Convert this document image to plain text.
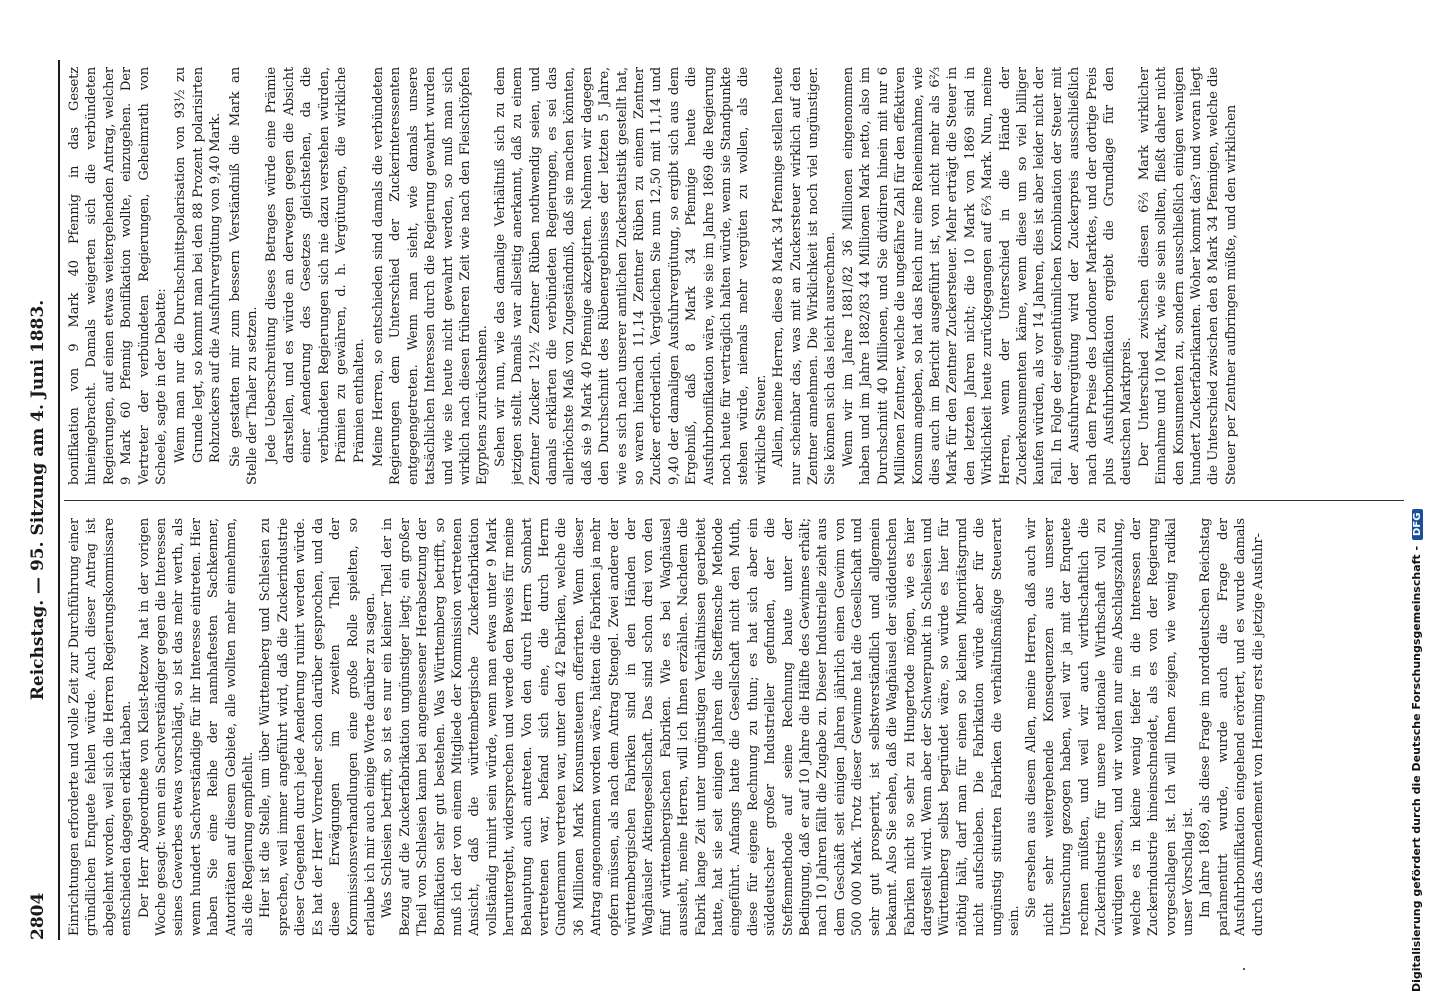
2804
Reichstag. — 95. Sitzung am 4. Juni 1883.

Einrichtungen erforderte und volle Zeit zur Durchführung einer gründlichen Enquete fehlen würde. Auch dieser Antrag ist abgelehnt worden, weil sich die Herren Regierungskommissare entschieden dagegen erklärt haben. Der Herr Abgeordnete von Kleist-Retzow hat in der vorigen Woche gesagt: wenn ein Sachverständiger gegen die Interessen seines Gewerbes etwas vorschlägt, so ist das mehr werth, als wenn hundert Sachverständige für ihr Interesse eintreten. Hier haben Sie eine Reihe der namhaftesten Sachkenner, Autoritäten auf diesem Gebiete, alle wollten mehr einnehmen, als die Regierung empfiehlt. Hier ist die Stelle, um über Württemberg und Schlesien zu sprechen, weil immer angeführt wird, daß die Zuckerindustrie dieser Gegenden durch jede Aenderung ruinirt werden würde. Es hat der Herr Vorredner schon darüber gesprochen, und da diese Erwägungen im zweiten Theil der Kommissionsverhandlungen eine große Rolle spielten, so erlaube ich mir auch einige Worte darüber zu sagen. Was Schlesien betrifft, so ist es nur ein kleiner Theil der in Bezug auf die Zuckerfabrikation ungünstiger liegt; ein großer Theil von Schlesien kann bei angemessener Herabsetzung der Bonifikation sehr gut bestehen. Was Württemberg betrifft, so muß ich der von einem Mitgliede der Kommission vertretenen Ansicht, daß die württembergische Zuckerfabrikation vollständig ruinirt sein würde, wenn man etwas unter 9 Mark heruntergeht, widersprechen und werde den Beweis für meine Behauptung auch antreten. Von den durch Herrn Sombart vertretenen war, befand sich eine, die durch Herrn Gundermann vertreten war, unter den 42 Fabriken, welche die 36 Millionen Mark Konsumsteuern offerirten. Wenn dieser Antrag angenommen worden wäre, hätten die Fabriken ja mehr opfern müssen, als nach dem Antrag Stengel. Zwei andere der württembergischen Fabriken sind in den Händen der Waghäusler Aktiengesellschaft. Das sind schon drei von den fünf württembergischen Fabriken. Wie es bei Waghäusel aussieht, meine Herren, will ich Ihnen erzählen. Nachdem die Fabrik lange Zeit unter ungünstigen Verhältnissen gearbeitet hatte, hat sie seit einigen Jahren die Steffensche Methode eingeführt. Anfangs hatte die Gesellschaft nicht den Muth, diese für eigene Rechnung zu thun; es hat sich aber ein süddeutscher großer Industrieller gefunden, der die Steffenmethode auf seine Rechnung baute unter der Bedingung, daß er auf 10 Jahre die Hälfte des Gewinnes erhält; nach 10 Jahren fällt die Zugabe zu. Dieser Industrielle zieht aus dem Geschäft seit einigen Jahren jährlich einen Gewinn von 500 000 Mark. Trotz dieser Gewinne hat die Gesellschaft und sehr gut prosperirt, ist selbstverständlich und allgemein bekannt. Also Sie sehen, daß die Waghäusel der süddeutschen Fabriken nicht so sehr zu Hungertode mögen, wie es hier dargestellt wird. Wenn aber der Schwerpunkt in Schlesien und Württemberg selbst begründet wäre, so würde es hier für nöthig hält, darf man für einen so kleinen Minoritätsgrund nicht aufschieben. Die Fabrikation würde aber für die ungünstig situirten Fabriken die verhältnißmäßige Steuerart sein.

Sie ersehen aus diesem Allen, meine Herren, daß auch wir nicht sehr weitergehende Konsequenzen aus unserer Untersuchung gezogen haben, weil wir ja mit der Enquete rechnen müßten, und weil wir auch wirthschaftlich die Zuckerindustrie für unsere nationale Wirthschaft voll zu würdigen wissen, und wir wollen nur eine Abschlagszahlung, welche es in kleine wenig tiefer in die Interessen der Zuckerindustrie hineinschneidet, als es von der Regierung vorgeschlagen ist. Ich will Ihnen zeigen, wie wenig radikal unser Vorschlag ist. Im Jahre 1869, als diese Frage im norddeutschen Reichstag parlamentirt wurde, wurde auch die Frage der Ausfuhrbonifikation eingehend erörtert, und es wurde damals durch das Amendement von Henning erst die jetzige Ausfuhr-

bonifikation von 9 Mark 40 Pfennig in das Gesetz hineingebracht. Damals weigerten sich die verbündeten Regierungen, auf einen etwas weitergehenden Antrag, welcher 9 Mark 60 Pfennig Bonifikation wollte, einzugehen. Der Vertreter der verbündeten Regierungen, Geheimrath von Scheele, sagte in der Debatte: Wenn man nur die Durchschnittspolarisation von 93½ zu Grunde legt, so kommt man bei den 88 Prozent polarisirten Rohzuckers auf die Ausfuhrvergütung von 9,40 Mark. Sie gestatten mir zum bessern Verständniß die Mark an Stelle der Thaler zu setzen. Jede Ueberschreitung dieses Betrages würde eine Prämie darstellen, und es würde an derwegen gegen die Absicht einer Aenderung des Gesetzes gleichstehen, da die verbündeten Regierungen sich nie dazu verstehen würden, Prämien zu gewähren, d. h. Vergütungen, die wirkliche Prämien enthalten. Meine Herren, so entschieden sind damals die verbündeten Regierungen dem Unterschied der Zuckerinteressenten entgegengetreten. Wenn man sieht, wie damals unsere tatsächlichen Interessen durch die Regierung gewahrt wurden und wie sie heute nicht gewahrt werden, so muß man sich wirklich nach diesen früheren Zeit wie nach den Fleischtöpfen Egyptens zurücksehnen. Sehen wir nun, wie das damalige Verhältniß sich zu dem jetzigen stellt. Damals war allseitig anerkannt, daß zu einem Zentner Zucker 12½ Zentner Rüben nothwendig seien, und damals erklärten die verbündeten Regierungen, es sei das allerhöchste Maß von Zugeständniß, daß sie machen könnten, daß sie 9 Mark 40 Pfennige akzeptirten. Nehmen wir dagegen den Durchschnitt des Rübenergebnisses der letzten 5 Jahre, wie es sich nach unserer amtlichen Zuckerstatistik gestellt hat, so waren hiernach 11,14 Zentner Rüben zu einem Zentner Zucker erforderlich. Vergleichen Sie nun 12,50 mit 11,14 und 9,40 der damaligen Ausfuhrvergütung, so ergibt sich aus dem Ergebniß, daß 8 Mark 34 Pfennige heute die Ausfuhrbonifikation wäre, wie sie im Jahre 1869 die Regierung noch heute für verträglich halten würde, wenn sie Standpunkte stehen würde, niemals mehr vergüten zu wollen, als die wirkliche Steuer. Allein, meine Herren, diese 8 Mark 34 Pfennige stellen heute nur scheinbar das, was mit an Zuckersteuer wirklich auf den Zentner annehmen. Die Wirklichkeit ist noch viel ungünstiger. Sie können sich das leicht ausrechnen. Wenn wir im Jahre 1881/82 36 Millionen eingenommen haben und im Jahre 1882/83 44 Millionen Mark netto, also im Durchschnitt 40 Millionen, und Sie dividiren hinein mit nur 6 Millionen Zentner, welche die ungefähre Zahl für den effektiven Konsum angeben, so hat das Reich nur eine Reineinnahme, wie dies auch im Bericht ausgeführt ist, von nicht mehr als 6⅔ Mark für den Zentner Zuckersteuer. Mehr erträgt die Steuer in den letzten Jahren nicht; die 10 Mark von 1869 sind in Wirklichkeit heute zurückgegangen auf 6⅔ Mark. Nun, meine Herren, wenn der Unterschied in die Hände der Zuckerkonsumenten käme, wenn diese um so viel billiger kaufen würden, als vor 14 Jahren, dies ist aber leider nicht der Fall. In Folge der eigenthümlichen Kombination der Steuer mit der Ausfuhrvergütung wird der Zuckerpreis ausschließlich nach dem Preise des Londoner Marktes, und der dortige Preis plus Ausfuhrbonifikation ergiebt die Grundlage für den deutschen Marktpreis. Der Unterschied zwischen diesen 6⅔ Mark wirklicher Einnahme und 10 Mark, wie sie sein sollten, fließt daher nicht den Konsumenten zu, sondern ausschließlich einigen wenigen hundert Zuckerfabrikanten. Woher kommt das? und woran liegt die Unterschied zwischen den 8 Mark 34 Pfennigen, welche die Steuer per Zentner aufbringen müßte, und den wirklichen

Digitalisierung gefördert durch die Deutsche Forschungsgemeinschaft -DFG
